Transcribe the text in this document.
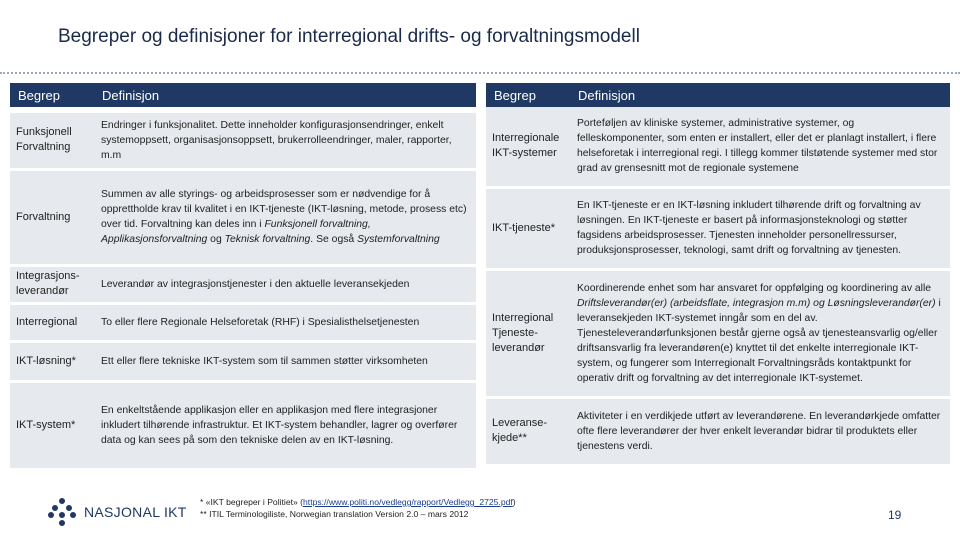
Begreper og definisjoner for interregional drifts- og forvaltningsmodell
Begrep	Definisjon

Funksjonell Forvaltning	Endringer i funksjonalitet. Dette inneholder konfigurasjonsendringer, enkelt systemoppsett, organisasjonsoppsett, brukerrolleendringer, maler, rapporter, m.m
Forvaltning	Summen av alle styrings- og arbeidsprosesser som er nødvendige for å opprettholde krav til kvalitet i en IKT-tjeneste (IKT-løsning, metode, prosess etc) over tid. Forvaltning kan deles inn i Funksjonell forvaltning, Applikasjonsforvaltning og Teknisk forvaltning. Se også Systemforvaltning
Integrasjons-leverandør	Leverandør av integrasjonstjenester i den aktuelle leveransekjeden
Interregional	To eller flere Regionale Helseforetak (RHF) i Spesialisthelsetjenesten
IKT-løsning*	Ett eller flere tekniske IKT-system som til sammen støtter virksomheten
IKT-system*	En enkeltstående applikasjon eller en applikasjon med flere integrasjoner inkludert tilhørende infrastruktur. Et IKT-system behandler, lagrer og overfører data og kan sees på som den tekniske delen av en IKT-løsning.
Begrep	Definisjon
Interregionale IKT-systemer	Porteføljen av kliniske systemer, administrative systemer, og felleskomponenter, som enten er installert, eller det er planlagt installert, i flere helseforetak i interregional regi. I tillegg kommer tilstøtende systemer med stor grad av grensesnitt mot de regionale systemene
IKT-tjeneste*	En IKT-tjeneste er en IKT-løsning inkludert tilhørende drift og forvaltning av løsningen. En IKT-tjeneste er basert på informasjonsteknologi og støtter fagsidens arbeidsprosesser. Tjenesten inneholder personellressurser, produksjonsprosesser, teknologi, samt drift og forvaltning av tjenesten.
Interregional Tjeneste-leverandør	Koordinerende enhet som har ansvaret for oppfølging og koordinering av alle Driftsleverandør(er) (arbeidsflate, integrasjon m.m) og Løsningsleverandør(er) i leveransekjeden IKT-systemet inngår som en del av. Tjenesteleverandørfunksjonen består gjerne også av tjenesteansvarlig og/eller driftsansvarlig fra leverandøren(e) knyttet til det enkelte interregionale IKT-system, og fungerer som Interregionalt Forvaltningsråds kontaktpunkt for operativ drift og forvaltning av det interregionale IKT-systemet.
Leveranse-kjede**	Aktiviteter i en verdikjede utført av leverandørene. En leverandørkjede omfatter ofte flere leverandører der hver enkelt leverandør bidrar til produktets eller tjenestens verdi.
NASJONAL IKT
* «IKT begreper i Politiet» (https://www.politi.no/vedlegg/rapport/Vedlegg_2725.pdf)
** ITIL Terminologiliste, Norwegian translation Version 2.0 – mars 2012	19
